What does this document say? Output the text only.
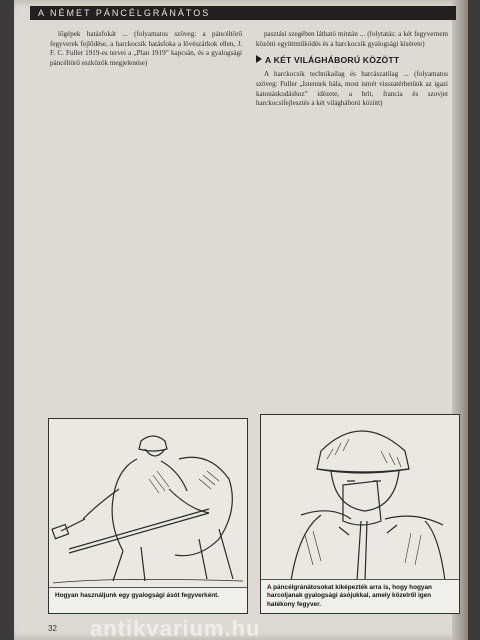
A NÉMET PÁNCÉLGRÁNÁTOS

lőgépek hatásfokát ... (folyamatos szöveg: a páncéltörő fegyverek fejlődése, a harckocsik hatásfoka a lövészárkok ellen, J. F. C. Fuller 1919-es tervei a „Plan 1919” kapcsán, és a gyalogsági páncéltörő eszközök megjelenése)

pasztási szegében látható mintán ... (folytatás: a két fegyvernem közötti együttműködés és a harckocsik gyalogsági kísérete)

A KÉT VILÁGHÁBORÚ KÖZÖTT

A harckocsik technikailag és harcászatilag ... (folyamatos szöveg: Fuller „Istennek hála, most ismét visszatérhetünk az igazi katonáskodáshoz” idézete, a brit, francia és szovjet harckocsifejlesztés a két világháború között)

Hogyan használjunk egy gyalogsági ásót fegyverként.
A páncélgránátosokat kiképezték arra is, hogy hogyan harcoljanak gyalogsági ásójukkal, amely közelről igen hatékony fegyver.
32 antikvarium.hu
